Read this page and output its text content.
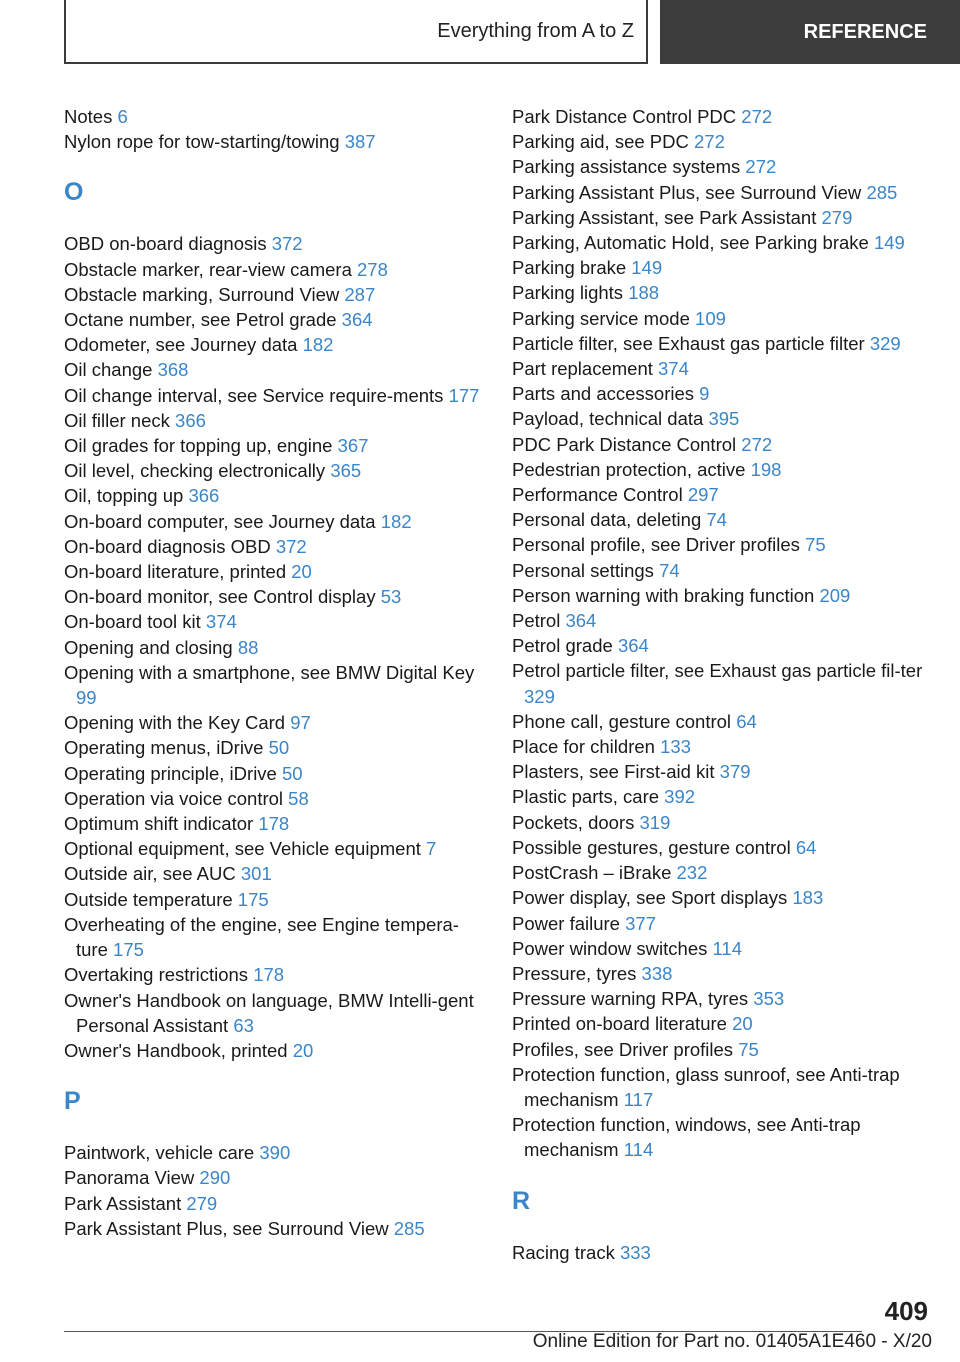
Everything from A to Z	REFERENCE
Notes 6
Nylon rope for tow-starting/towing 387
O
OBD on-board diagnosis 372
Obstacle marker, rear-view camera 278
Obstacle marking, Surround View 287
Octane number, see Petrol grade 364
Odometer, see Journey data 182
Oil change 368
Oil change interval, see Service require-ments 177
Oil filler neck 366
Oil grades for topping up, engine 367
Oil level, checking electronically 365
Oil, topping up 366
On-board computer, see Journey data 182
On-board diagnosis OBD 372
On-board literature, printed 20
On-board monitor, see Control display 53
On-board tool kit 374
Opening and closing 88
Opening with a smartphone, see BMW Digital Key 99
Opening with the Key Card 97
Operating menus, iDrive 50
Operating principle, iDrive 50
Operation via voice control 58
Optimum shift indicator 178
Optional equipment, see Vehicle equipment 7
Outside air, see AUC 301
Outside temperature 175
Overheating of the engine, see Engine tempera-ture 175
Overtaking restrictions 178
Owner's Handbook on language, BMW Intelli-gent Personal Assistant 63
Owner's Handbook, printed 20
P
Paintwork, vehicle care 390
Panorama View 290
Park Assistant 279
Park Assistant Plus, see Surround View 285
Park Distance Control PDC 272
Parking aid, see PDC 272
Parking assistance systems 272
Parking Assistant Plus, see Surround View 285
Parking Assistant, see Park Assistant 279
Parking, Automatic Hold, see Parking brake 149
Parking brake 149
Parking lights 188
Parking service mode 109
Particle filter, see Exhaust gas particle filter 329
Part replacement 374
Parts and accessories 9
Payload, technical data 395
PDC Park Distance Control 272
Pedestrian protection, active 198
Performance Control 297
Personal data, deleting 74
Personal profile, see Driver profiles 75
Personal settings 74
Person warning with braking function 209
Petrol 364
Petrol grade 364
Petrol particle filter, see Exhaust gas particle fil-ter 329
Phone call, gesture control 64
Place for children 133
Plasters, see First-aid kit 379
Plastic parts, care 392
Pockets, doors 319
Possible gestures, gesture control 64
PostCrash – iBrake 232
Power display, see Sport displays 183
Power failure 377
Power window switches 114
Pressure, tyres 338
Pressure warning RPA, tyres 353
Printed on-board literature 20
Profiles, see Driver profiles 75
Protection function, glass sunroof, see Anti-trap mechanism 117
Protection function, windows, see Anti-trap mechanism 114
R
Racing track 333
409
Online Edition for Part no. 01405A1E460 - X/20
